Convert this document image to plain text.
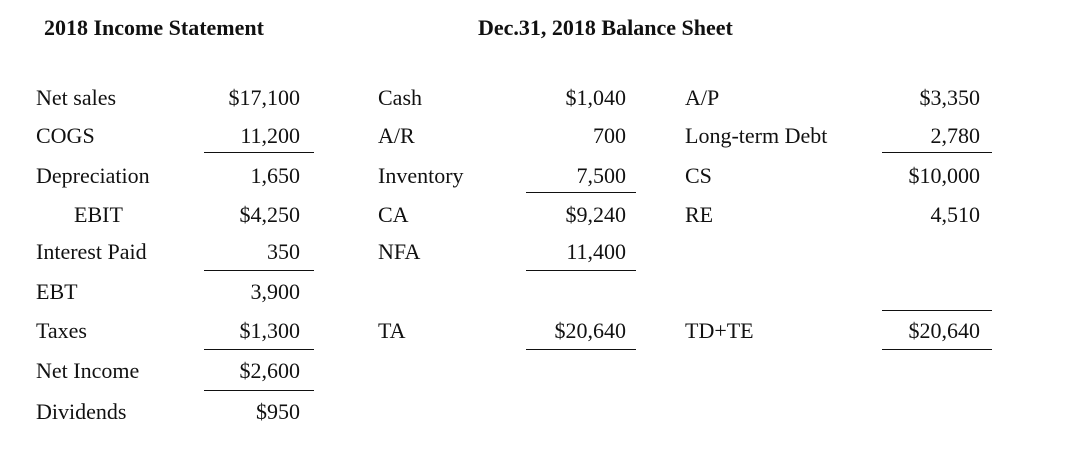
2018 Income Statement	Dec.31, 2018 Balance Sheet
Net sales
COGS
Depreciation
EBIT
Interest Paid
EBT
Taxes
Net Income
Dividends
$17,100
11,200
1,650
$4,250
350
3,900
$1,300
$2,600
$950
Cash
A/R
Inventory
CA
NFA
TA
$1,040
700
7,500
$9,240
11,400
$20,640
A/P
Long-term Debt
CS
RE
TD+TE
$3,350
2,780
$10,000
4,510
$20,640
